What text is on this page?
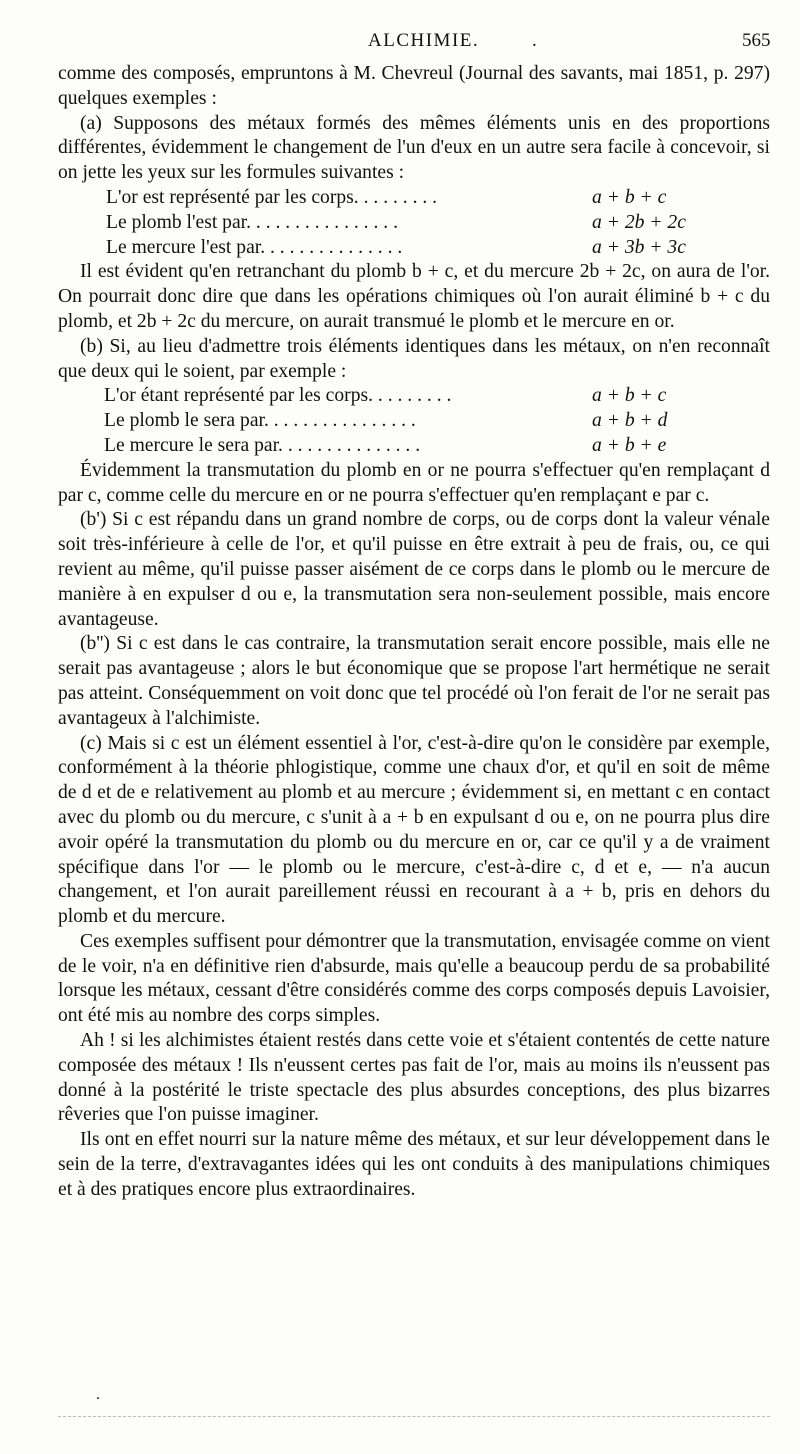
ALCHIMIE.	.	565

comme des composés, empruntons à M. Chevreul (Journal des savants, mai 1851, p. 297) quelques exemples :

(a) Supposons des métaux formés des mêmes éléments unis en des proportions différentes, évidemment le changement de l'un d'eux en un autre sera facile à concevoir, si on jette les yeux sur les formules suivantes :

L'or est représenté par les corps. . . . . . . . .	a + b + c
Le plomb l'est par. . . . . . . . . . . . . . . .	a + 2b + 2c
Le mercure l'est par. . . . . . . . . . . . . . .	a + 3b + 3c

Il est évident qu'en retranchant du plomb b + c, et du mercure 2b + 2c, on aura de l'or. On pourrait donc dire que dans les opérations chimiques où l'on aurait éliminé b + c du plomb, et 2b + 2c du mercure, on aurait transmué le plomb et le mercure en or.

(b) Si, au lieu d'admettre trois éléments identiques dans les métaux, on n'en reconnaît que deux qui le soient, par exemple :

L'or étant représenté par les corps. . . . . . . . .	a + b + c
Le plomb le sera par. . . . . . . . . . . . . . . .	a + b + d
Le mercure le sera par. . . . . . . . . . . . . . .	a + b + e

Évidemment la transmutation du plomb en or ne pourra s'effectuer qu'en remplaçant d par c, comme celle du mercure en or ne pourra s'effectuer qu'en remplaçant e par c.

(b') Si c est répandu dans un grand nombre de corps, ou de corps dont la valeur vénale soit très-inférieure à celle de l'or, et qu'il puisse en être extrait à peu de frais, ou, ce qui revient au même, qu'il puisse passer aisément de ce corps dans le plomb ou le mercure de manière à en expulser d ou e, la transmutation sera non-seulement possible, mais encore avantageuse.

(b'') Si c est dans le cas contraire, la transmutation serait encore possible, mais elle ne serait pas avantageuse ; alors le but économique que se propose l'art hermétique ne serait pas atteint. Conséquemment on voit donc que tel procédé où l'on ferait de l'or ne serait pas avantageux à l'alchimiste.

(c) Mais si c est un élément essentiel à l'or, c'est-à-dire qu'on le considère par exemple, conformément à la théorie phlogistique, comme une chaux d'or, et qu'il en soit de même de d et de e relativement au plomb et au mercure ; évidemment si, en mettant c en contact avec du plomb ou du mercure, c s'unit à a + b en expulsant d ou e, on ne pourra plus dire avoir opéré la transmutation du plomb ou du mercure en or, car ce qu'il y a de vraiment spécifique dans l'or — le plomb ou le mercure, c'est-à-dire c, d et e, — n'a aucun changement, et l'on aurait pareillement réussi en recourant à a + b, pris en dehors du plomb et du mercure.

Ces exemples suffisent pour démontrer que la transmutation, envisagée comme on vient de le voir, n'a en définitive rien d'absurde, mais qu'elle a beaucoup perdu de sa probabilité lorsque les métaux, cessant d'être considérés comme des corps composés depuis Lavoisier, ont été mis au nombre des corps simples.

Ah ! si les alchimistes étaient restés dans cette voie et s'étaient contentés de cette nature composée des métaux ! Ils n'eussent certes pas fait de l'or, mais au moins ils n'eussent pas donné à la postérité le triste spectacle des plus absurdes conceptions, des plus bizarres rêveries que l'on puisse imaginer.

Ils ont en effet nourri sur la nature même des métaux, et sur leur développement dans le sein de la terre, d'extravagantes idées qui les ont conduits à des manipulations chimiques et à des pratiques encore plus extraordinaires.

.
